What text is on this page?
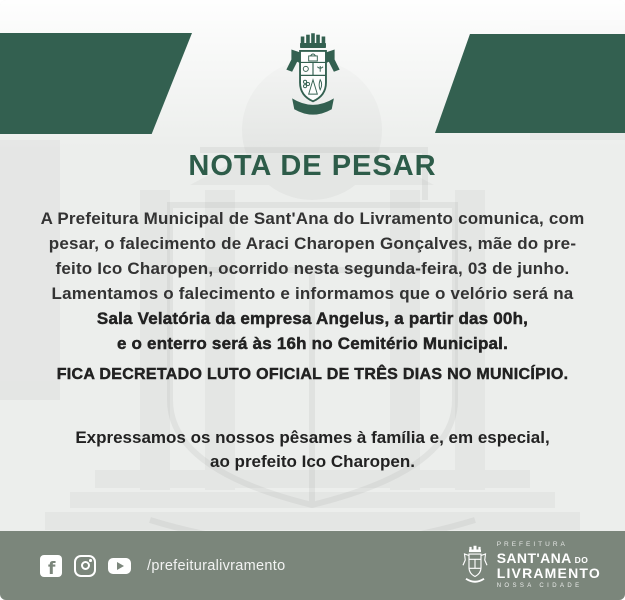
NOTA DE PESAR
A Prefeitura Municipal de Sant'Ana do Livramento comunica, com
pesar, o falecimento de Araci Charopen Gonçalves, mãe do pre-
feito Ico Charopen, ocorrido nesta segunda-feira, 03 de junho.
Lamentamos o falecimento e informamos que o velório será na
Sala Velatória da empresa Angelus, a partir das 00h,
e o enterro será às 16h no Cemitério Municipal.
FICA DECRETADO LUTO OFICIAL DE TRÊS DIAS NO MUNICÍPIO.
Expressamos os nossos pêsames à família e, em especial,
ao prefeito Ico Charopen.
f	/prefeituralivramento
PREFEITURA
SANT'ANA DO
LIVRAMENTO
NOSSA CIDADE
